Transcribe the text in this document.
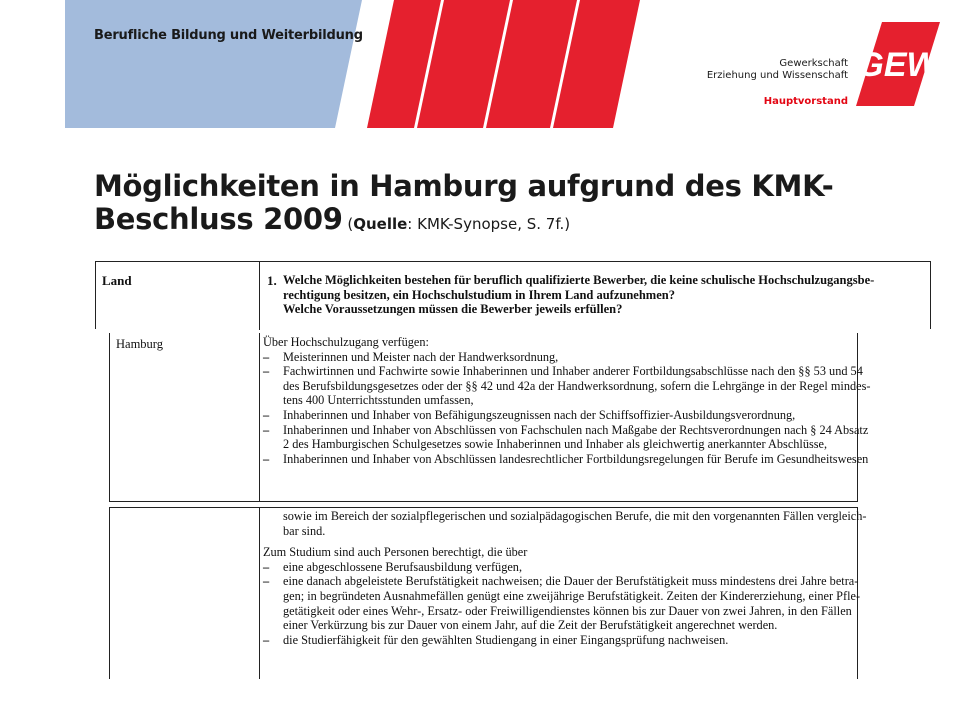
Berufliche Bildung und Weiterbildung
Gewerkschaft
Erziehung und Wissenschaft
Hauptvorstand
GEW
Möglichkeiten in Hamburg aufgrund des KMK-
Beschluss 2009 (Quelle: KMK-Synopse, S. 7f.)
Land	1. Welche Möglichkeiten bestehen für beruflich qualifizierte Bewerber, die keine schulische Hochschulzugangsbe-
rechtigung besitzen, ein Hochschulstudium in Ihrem Land aufzunehmen?
Welche Voraussetzungen müssen die Bewerber jeweils erfüllen?
Hamburg	Über Hochschulzugang verfügen:
– Meisterinnen und Meister nach der Handwerksordnung,
– Fachwirtinnen und Fachwirte sowie Inhaberinnen und Inhaber anderer Fortbildungsabschlüsse nach den §§ 53 und 54
des Berufsbildungsgesetzes oder der §§ 42 und 42a der Handwerksordnung, sofern die Lehrgänge in der Regel mindes-
tens 400 Unterrichtsstunden umfassen,
– Inhaberinnen und Inhaber von Befähigungszeugnissen nach der Schiffsoffizier-Ausbildungsverordnung,
– Inhaberinnen und Inhaber von Abschlüssen von Fachschulen nach Maßgabe der Rechtsverordnungen nach § 24 Absatz
2 des Hamburgischen Schulgesetzes sowie Inhaberinnen und Inhaber als gleichwertig anerkannter Abschlüsse,
– Inhaberinnen und Inhaber von Abschlüssen landesrechtlicher Fortbildungsregelungen für Berufe im Gesundheitswesen
sowie im Bereich der sozialpflegerischen und sozialpädagogischen Berufe, die mit den vorgenannten Fällen vergleich-
bar sind.
Zum Studium sind auch Personen berechtigt, die über
– eine abgeschlossene Berufsausbildung verfügen,
– eine danach abgeleistete Berufstätigkeit nachweisen; die Dauer der Berufstätigkeit muss mindestens drei Jahre betra-
gen; in begründeten Ausnahmefällen genügt eine zweijährige Berufstätigkeit. Zeiten der Kindererziehung, einer Pfle-
getätigkeit oder eines Wehr-, Ersatz- oder Freiwilligendienstes können bis zur Dauer von zwei Jahren, in den Fällen
einer Verkürzung bis zur Dauer von einem Jahr, auf die Zeit der Berufstätigkeit angerechnet werden.
– die Studierfähigkeit für den gewählten Studiengang in einer Eingangsprüfung nachweisen.
